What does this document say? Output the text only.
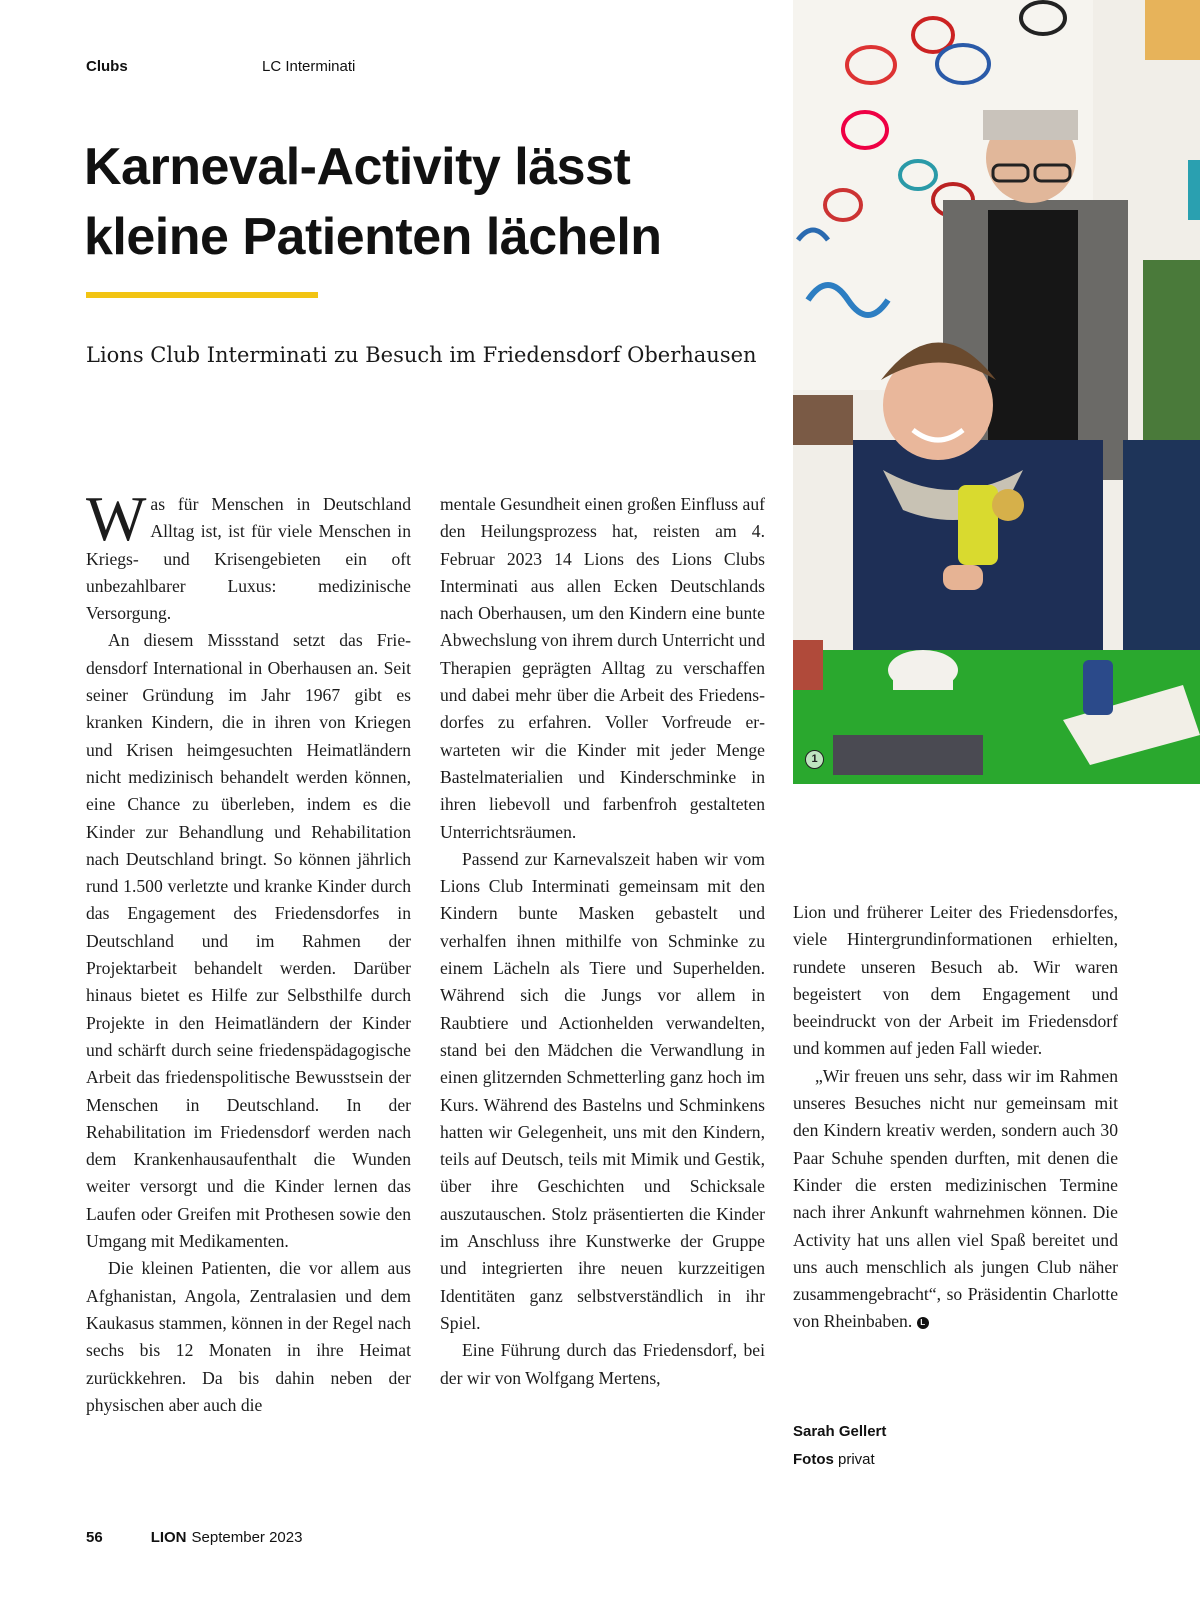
Clubs	LC Interminati
Karneval-Activity lässt
kleine Patienten lächeln
Lions Club Interminati zu Besuch im Friedensdorf Oberhausen
1

Was für Menschen in Deutschland Alltag ist, ist für viele Menschen in Kriegs- und Krisengebieten ein oft unbezahlbarer Luxus: medizinische Versorgung.

An diesem Missstand setzt das Friedensdorf International in Oberhausen an. Seit seiner Gründung im Jahr 1967 gibt es kranken Kindern, die in ihren von Kriegen und Krisen heimgesuchten Heimatländern nicht medizinisch behandelt werden können, eine Chance zu überleben, indem es die Kinder zur Behandlung und Rehabilitation nach Deutschland bringt. So können jährlich rund 1.500 verletzte und kranke Kinder durch das Engagement des Friedensdorfes in Deutschland und im Rahmen der Projektarbeit behandelt werden. Darüber hinaus bietet es Hilfe zur Selbsthilfe durch Projekte in den Heimatländern der Kinder und schärft durch seine friedenspädagogische Arbeit das friedenspolitische Bewusstsein der Menschen in Deutschland. In der Rehabilitation im Friedensdorf werden nach dem Krankenhausaufenthalt die Wunden weiter versorgt und die Kinder lernen das Laufen oder Greifen mit Prothesen sowie den Umgang mit Medikamenten.

Die kleinen Patienten, die vor allem aus Afghanistan, Angola, Zentralasien und dem Kaukasus stammen, können in der Regel nach sechs bis 12 Monaten in ihre Heimat zurückkehren. Da bis dahin neben der physischen aber auch die

mentale Gesundheit einen großen Einfluss auf den Heilungsprozess hat, reisten am 4. Februar 2023 14 Lions des Lions Clubs Interminati aus allen Ecken Deutschlands nach Oberhausen, um den Kindern eine bunte Abwechslung von ihrem durch Unterricht und Therapien geprägten Alltag zu verschaffen und dabei mehr über die Arbeit des Friedensdorfes zu erfahren. Voller Vorfreude erwarteten wir die Kinder mit jeder Menge Bastelmaterialien und Kinderschminke in ihren liebevoll und farbenfroh gestalteten Unterrichtsräumen.

Passend zur Karnevalszeit haben wir vom Lions Club Interminati gemeinsam mit den Kindern bunte Masken gebastelt und verhalfen ihnen mithilfe von Schminke zu einem Lächeln als Tiere und Superhelden. Während sich die Jungs vor allem in Raubtiere und Actionhelden verwandelten, stand bei den Mädchen die Verwandlung in einen glitzernden Schmetterling ganz hoch im Kurs. Während des Bastelns und Schminkens hatten wir Gelegenheit, uns mit den Kindern, teils auf Deutsch, teils mit Mimik und Gestik, über ihre Geschichten und Schicksale auszutauschen. Stolz präsentierten die Kinder im Anschluss ihre Kunstwerke der Gruppe und integrierten ihre neuen kurzzeitigen Identitäten ganz selbstverständlich in ihr Spiel.

Eine Führung durch das Friedensdorf, bei der wir von Wolfgang Mertens,

Lion und früherer Leiter des Friedensdorfes, viele Hintergrundinformationen erhielten, rundete unseren Besuch ab. Wir waren begeistert von dem Engagement und beeindruckt von der Arbeit im Friedensdorf und kommen auf jeden Fall wieder.

„Wir freuen uns sehr, dass wir im Rahmen unseres Besuches nicht nur gemeinsam mit den Kindern kreativ werden, sondern auch 30 Paar Schuhe spenden durften, mit denen die Kinder die ersten medizinischen Termine nach ihrer Ankunft wahrnehmen können. Die Activity hat uns allen viel Spaß bereitet und uns auch menschlich als jungen Club näher zusammengebracht“, so Präsidentin Charlotte von Rheinbaben. L

Sarah Gellert
Fotos privat
56	LION September 2023
